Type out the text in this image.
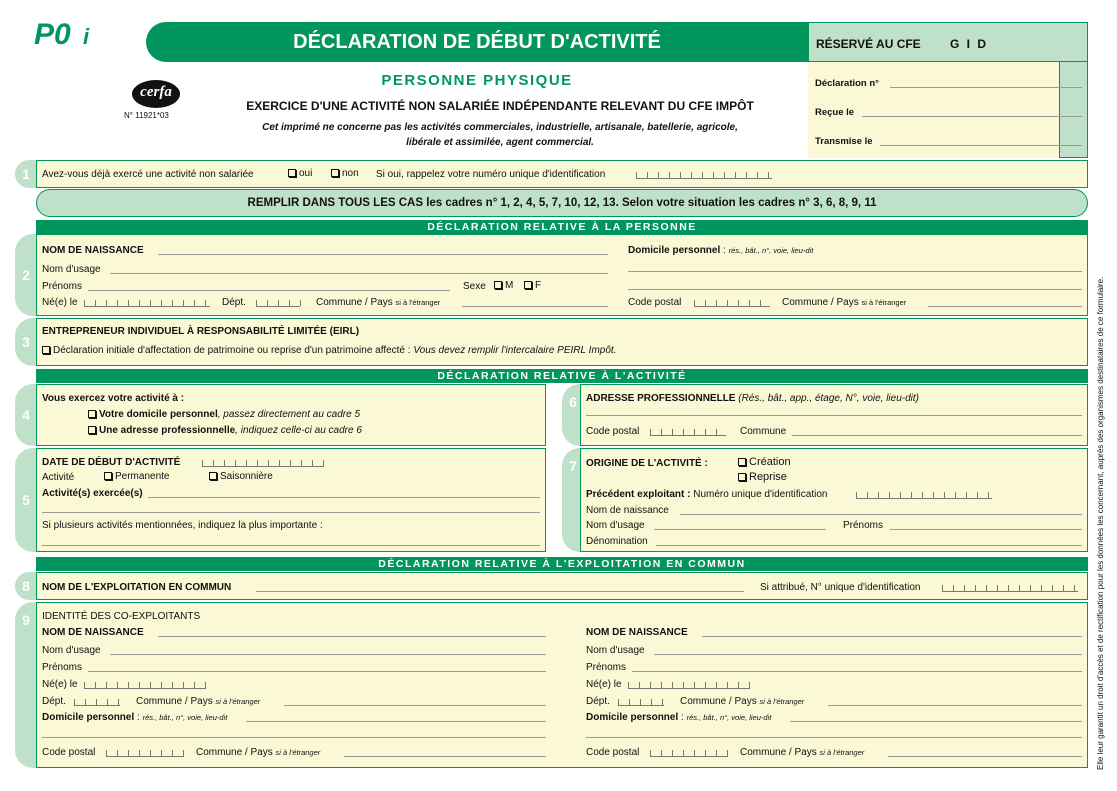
P0 i	DÉCLARATION DE DÉBUT D'ACTIVITÉ
cerfa
N° 11921*03
PERSONNE PHYSIQUE
EXERCICE D'UNE ACTIVITÉ NON SALARIÉE INDÉPENDANTE RELEVANT DU CFE IMPÔT
Cet imprimé ne concerne pas les activités commerciales, industrielle, artisanale, batellerie, agricole,
libérale et assimilée, agent commercial.
RÉSERVÉ AU CFE G I D
Déclaration n°
Reçue le
Transmise le
Elle leur garantit un droit d'accès et de rectification pour les données les concernant, auprès des organismes destinataires de ce formulaire.
1	Avez-vous déjà exercé une activité non salariée	oui	non Si oui, rappelez votre numéro unique d'identification
REMPLIR DANS TOUS LES CAS les cadres n° 1, 2, 4, 5, 7, 10, 12, 13. Selon votre situation les cadres n° 3, 6, 8, 9, 11
DÉCLARATION RELATIVE À LA PERSONNE
2
NOM DE NAISSANCE
Nom d'usage
Prénoms	Sexe	M	F
Né(e) le	Dépt.	Commune / Pays si à l'étranger
Domicile personnel : rés., bât., n°, voie, lieu-dit
Code postal	Commune / Pays si à l'étranger
3
ENTREPRENEUR INDIVIDUEL À RESPONSABILITÉ LIMITÉE (EIRL)
Déclaration initiale d'affectation de patrimoine ou reprise d'un patrimoine affecté : Vous devez remplir l'intercalaire PEIRL Impôt.
DÉCLARATION RELATIVE À L'ACTIVITÉ
4
Vous exercez votre activité à :
Votre domicile personnel, passez directement au cadre 5
Une adresse professionnelle, indiquez celle-ci au cadre 6
6 ADRESSE PROFESSIONNELLE (Rés., bât., app., étage, N°, voie, lieu-dit)
Code postal	Commune
5
DATE DE DÉBUT D'ACTIVITÉ
Activité	Permanente	Saisonnière
Activité(s) exercée(s)
Si plusieurs activités mentionnées, indiquez la plus importante :
7 ORIGINE DE L'ACTIVITÉ :	Création
Reprise
Précédent exploitant : Numéro unique d'identification
Nom de naissance
Nom d'usage	Prénoms
Dénomination
DÉCLARATION RELATIVE À L'EXPLOITATION EN COMMUN
8	NOM DE L'EXPLOITATION EN COMMUN	Si attribué, N° unique d'identification
9	IDENTITÉ DES CO-EXPLOITANTS
NOM DE NAISSANCE
Nom d'usage
Prénoms
Né(e) le
Dépt.	Commune / Pays si à l'étranger
Domicile personnel : rés., bât., n°, voie, lieu-dit
Code postal	Commune / Pays si à l'étranger
NOM DE NAISSANCE
Nom d'usage
Prénoms
Né(e) le
Dépt.	Commune / Pays si à l'étranger
Domicile personnel : rés., bât., n°, voie, lieu-dit
Code postal	Commune / Pays si à l'étranger
